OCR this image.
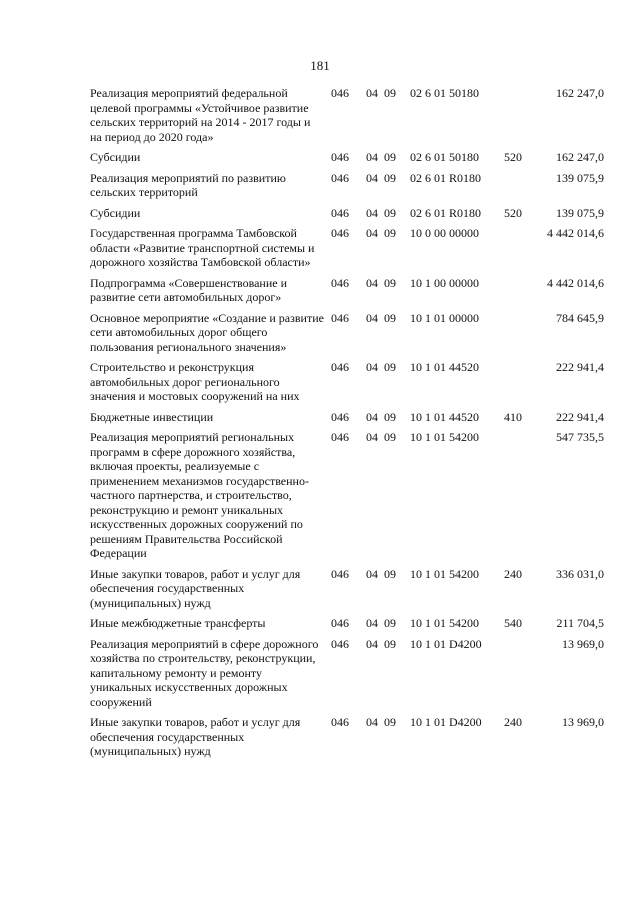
181
Реализация мероприятий федеральной целевой программы «Устойчивое развитие сельских территорий на 2014 - 2017 годы и на период до 2020 года»
046 04 09 02 6 01 50180	162 247,0
Субсидии	046 04 09 02 6 01 50180 520	162 247,0
Реализация мероприятий по развитию сельских территорий
046 04 09 02 6 01 R0180	139 075,9
Субсидии	046 04 09 02 6 01 R0180 520	139 075,9
Государственная программа Тамбовской области «Развитие транспортной системы и дорожного хозяйства Тамбовской области»
046 04 09 10 0 00 00000	4 442 014,6
Подпрограмма «Совершенствование и развитие сети автомобильных дорог»
046 04 09 10 1 00 00000	4 442 014,6
Основное мероприятие «Создание и развитие сети автомобильных дорог общего пользования регионального значения»
046 04 09 10 1 01 00000	784 645,9
Строительство и реконструкция автомобильных дорог регионального значения и мостовых сооружений на них
046 04 09 10 1 01 44520	222 941,4
Бюджетные инвестиции	046 04 09 10 1 01 44520 410	222 941,4
Реализация мероприятий региональных программ в сфере дорожного хозяйства, включая проекты, реализуемые с применением механизмов государственно-частного партнерства, и строительство, реконструкцию и ремонт уникальных искусственных дорожных сооружений по решениям Правительства Российской Федерации
046 04 09 10 1 01 54200	547 735,5
Иные закупки товаров, работ и услуг для обеспечения государственных (муниципальных) нужд
046 04 09 10 1 01 54200 240	336 031,0
Иные межбюджетные трансферты	046 04 09 10 1 01 54200 540	211 704,5
Реализация мероприятий в сфере дорожного хозяйства по строительству, реконструкции, капитальному ремонту и ремонту уникальных искусственных дорожных сооружений
046 04 09 10 1 01 D4200	13 969,0
Иные закупки товаров, работ и услуг для обеспечения государственных (муниципальных) нужд
046 04 09 10 1 01 D4200 240	13 969,0
